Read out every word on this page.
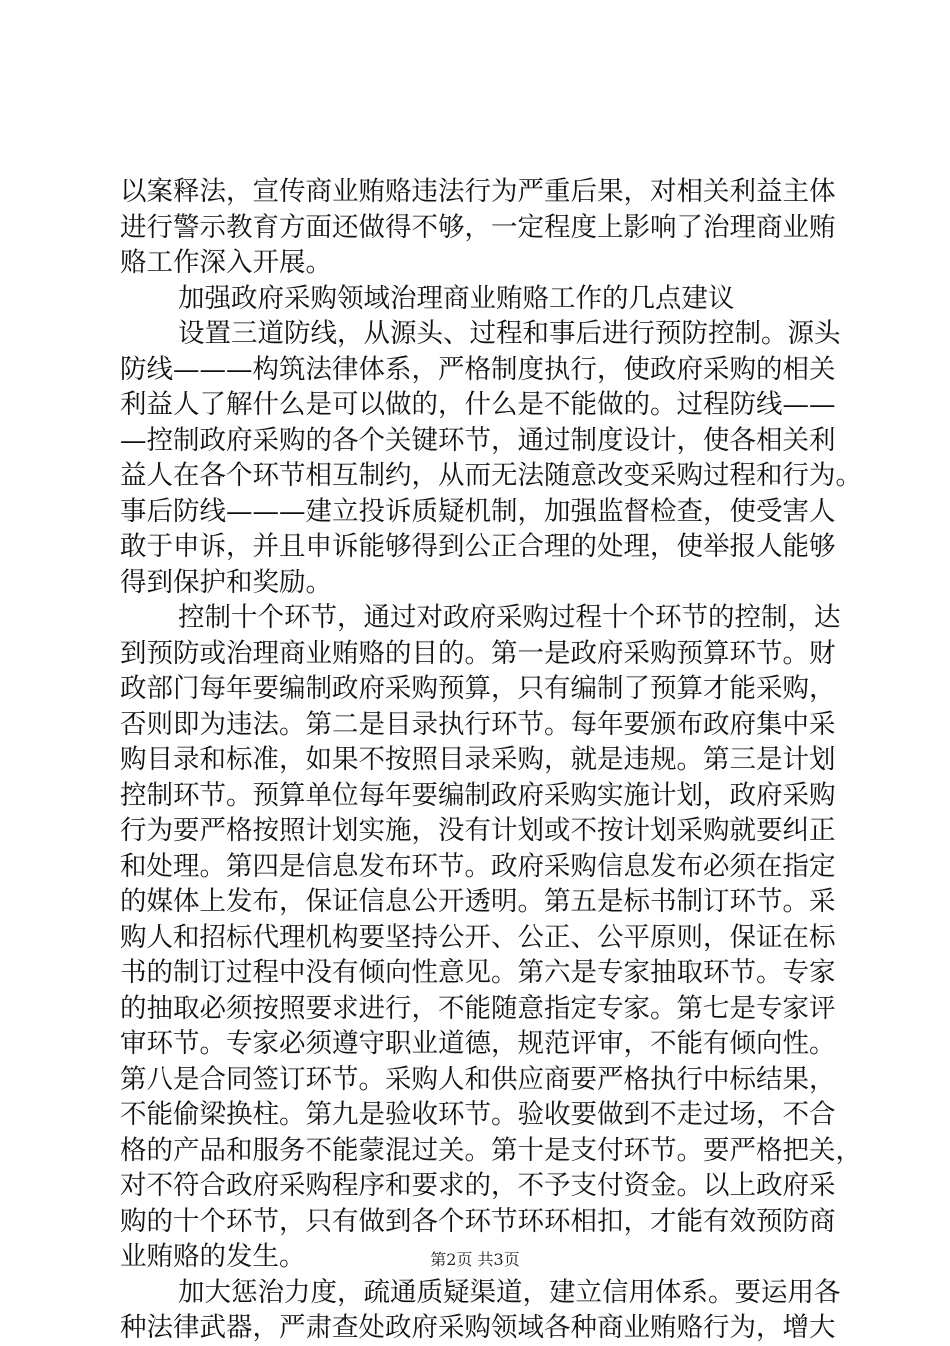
以案释法，宣传商业贿赂违法行为严重后果，对相关利益主体
进行警示教育方面还做得不够，一定程度上影响了治理商业贿
赂工作深入开展。
加强政府采购领域治理商业贿赂工作的几点建议
设置三道防线，从源头、过程和事后进行预防控制。源头
防线———构筑法律体系，严格制度执行，使政府采购的相关
利益人了解什么是可以做的，什么是不能做的。过程防线——
—控制政府采购的各个关键环节，通过制度设计，使各相关利
益人在各个环节相互制约，从而无法随意改变采购过程和行为。
事后防线———建立投诉质疑机制，加强监督检查，使受害人
敢于申诉，并且申诉能够得到公正合理的处理，使举报人能够
得到保护和奖励。
控制十个环节，通过对政府采购过程十个环节的控制，达
到预防或治理商业贿赂的目的。第一是政府采购预算环节。财
政部门每年要编制政府采购预算，只有编制了预算才能采购，
否则即为违法。第二是目录执行环节。每年要颁布政府集中采
购目录和标准，如果不按照目录采购，就是违规。第三是计划
控制环节。预算单位每年要编制政府采购实施计划，政府采购
行为要严格按照计划实施，没有计划或不按计划采购就要纠正
和处理。第四是信息发布环节。政府采购信息发布必须在指定
的媒体上发布，保证信息公开透明。第五是标书制订环节。采
购人和招标代理机构要坚持公开、公正、公平原则，保证在标
书的制订过程中没有倾向性意见。第六是专家抽取环节。专家
的抽取必须按照要求进行，不能随意指定专家。第七是专家评
审环节。专家必须遵守职业道德，规范评审，不能有倾向性。
第八是合同签订环节。采购人和供应商要严格执行中标结果，
不能偷梁换柱。第九是验收环节。验收要做到不走过场，不合
格的产品和服务不能蒙混过关。第十是支付环节。要严格把关，
对不符合政府采购程序和要求的，不予支付资金。以上政府采
购的十个环节，只有做到各个环节环环相扣，才能有效预防商
业贿赂的发生。
加大惩治力度，疏通质疑渠道，建立信用体系。要运用各
种法律武器，严肃查处政府采购领域各种商业贿赂行为，增大
第2页 共3页
